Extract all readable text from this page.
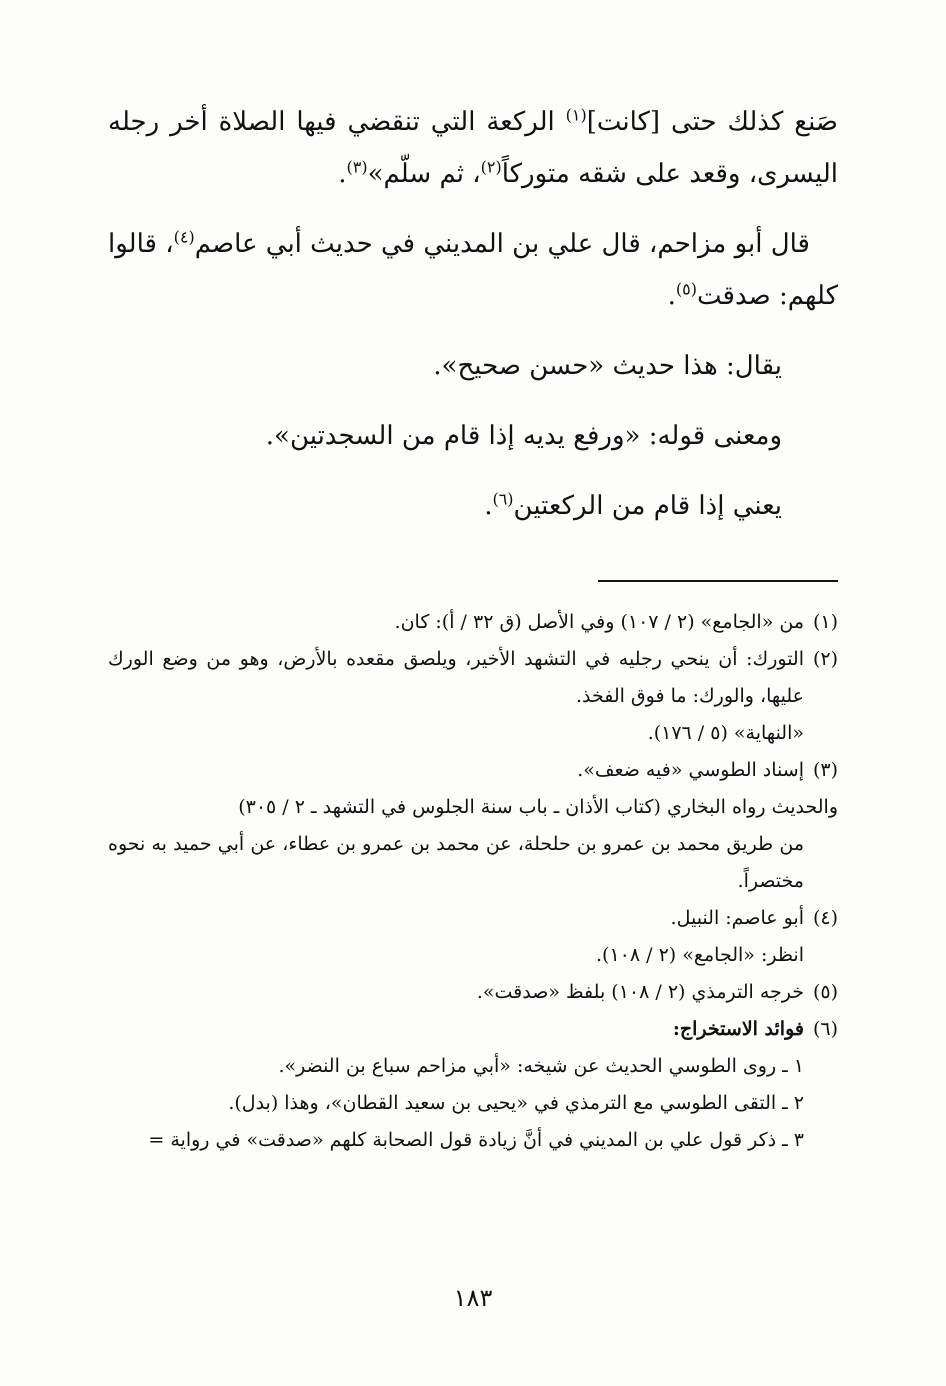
صَنع كذلك حتى [كانت]$^{(١)}$ الركعة التي تنقضي فيها الصلاة أخر رجله اليسرى، وقعد على شقه متوركاً$^{(٢)}$، ثم سلّم»$^{(٣)}$.

قال أبو مزاحم، قال علي بن المديني في حديث أبي عاصم$^{(٤)}$، قالوا كلهم: صدقت$^{(٥)}$.

يقال: هذا حديث «حسن صحيح».

ومعنى قوله: «ورفع يديه إذا قام من السجدتين».

يعني إذا قام من الركعتين$^{(٦)}$.

(١)
من «الجامع» (٢ / ١٠٧) وفي الأصل (ق ٣٢ / أ): كان.
(٢)
التورك: أن ينحي رجليه في التشهد الأخير، ويلصق مقعده بالأرض، وهو من وضع الورك عليها، والورك: ما فوق الفخذ.
«النهاية» (٥ / ١٧٦).
(٣)
إسناد الطوسي «فيه ضعف».
والحديث رواه البخاري (كتاب الأذان ـ باب سنة الجلوس في التشهد ـ ٢ / ٣٠٥)
من طريق محمد بن عمرو بن حلحلة، عن محمد بن عمرو بن عطاء، عن أبي حميد به نحوه مختصراً.
(٤)
أبو عاصم: النبيل.
انظر: «الجامع» (٢ / ١٠٨).
(٥)
خرجه الترمذي (٢ / ١٠٨) بلفظ «صدقت».
(٦)
فوائد الاستخراج:
١ ـ روى الطوسي الحديث عن شيخه: «أبي مزاحم سباع بن النضر».
٢ ـ التقى الطوسي مع الترمذي في «يحيى بن سعيد القطان»، وهذا (بدل).
٣ ـ ذكر قول علي بن المديني في أنَّ زيادة قول الصحابة كلهم «صدقت» في رواية =
١٨٣
